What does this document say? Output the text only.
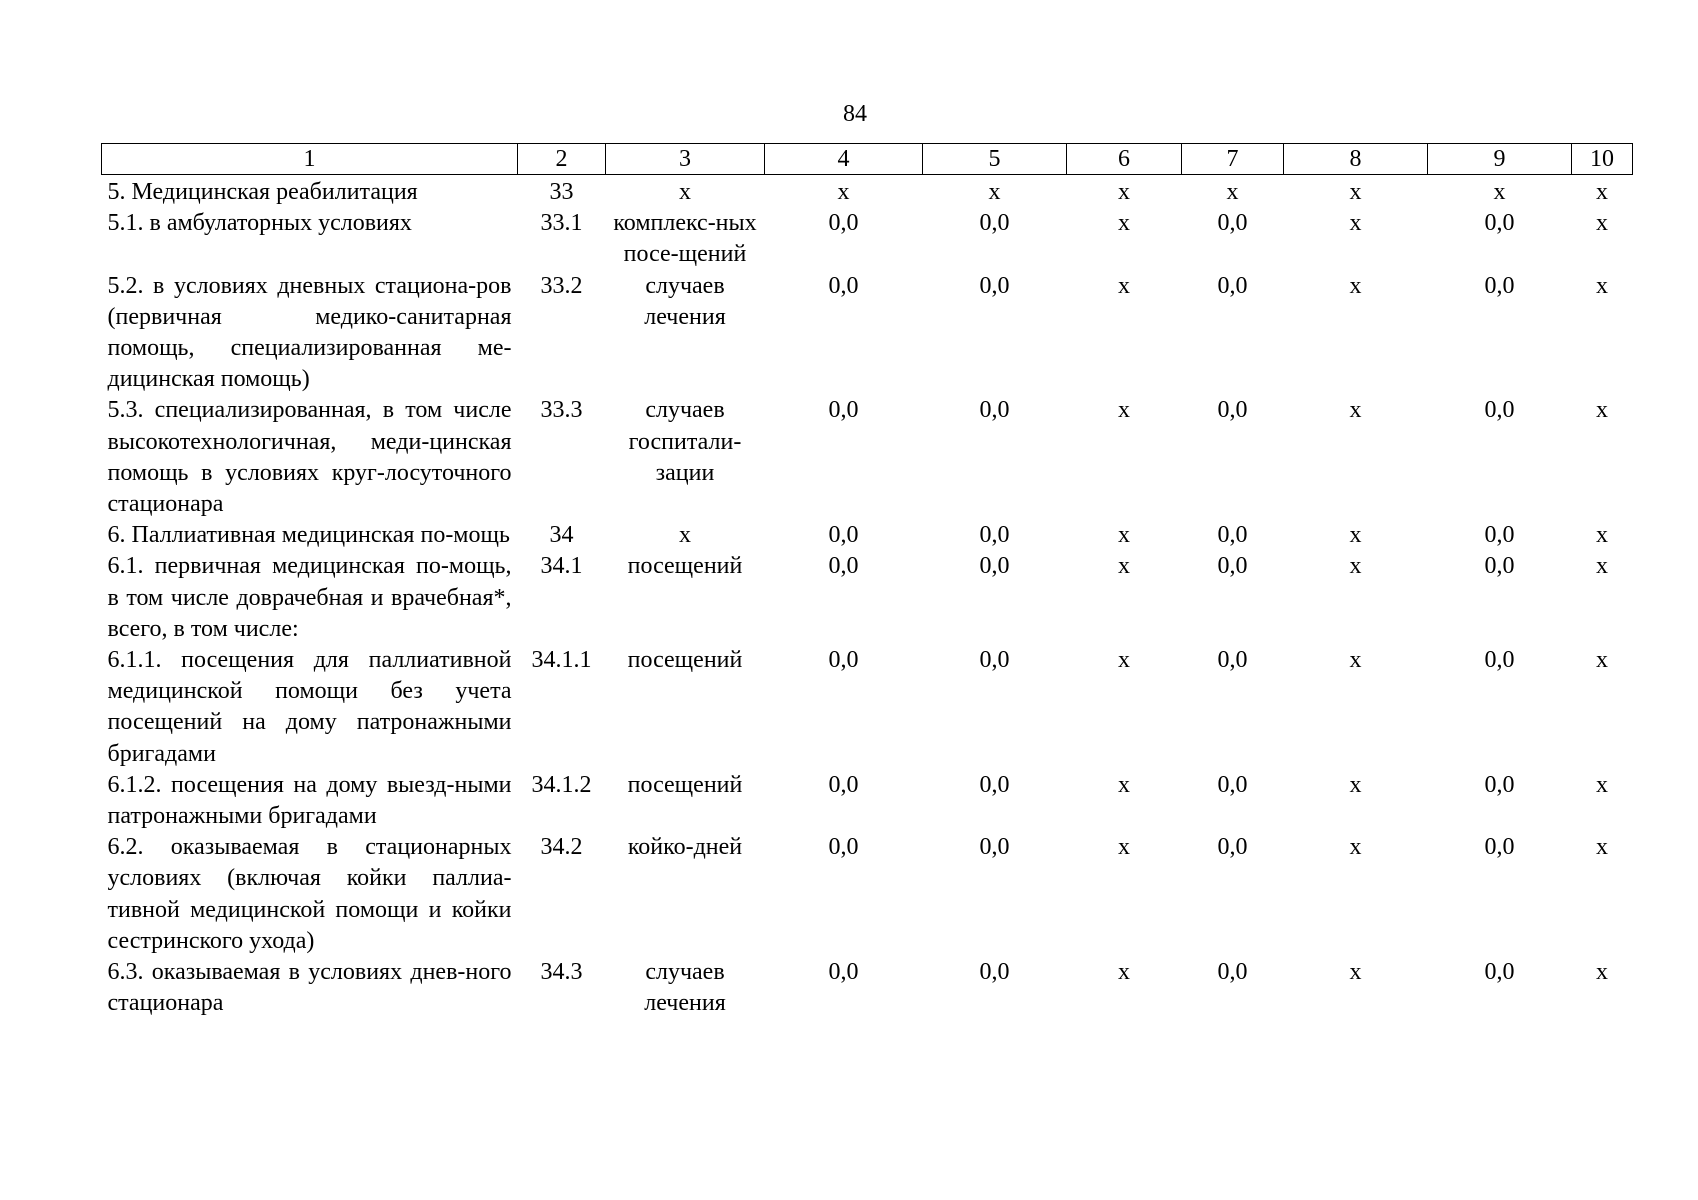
84
1	2	3	4	5	6	7	8	9	10
5. Медицинская реабилитация	33	х	х	х	х	х	х	х	х
5.1. в амбулаторных условиях	33.1	комплекс-ных посе-щений	0,0	0,0	х	0,0	х	0,0	х
5.2. в условиях дневных стациона-ров (первичная медико-санитарная помощь, специализированная ме-дицинская помощь)	33.2	случаев лечения	0,0	0,0	х	0,0	х	0,0	х
5.3. специализированная, в том числе высокотехнологичная, меди-цинская помощь в условиях круг-лосуточного стационара	33.3	случаев госпитали-зации	0,0	0,0	х	0,0	х	0,0	х
6. Паллиативная медицинская по-мощь	34	х	0,0	0,0	х	0,0	х	0,0	х
6.1. первичная медицинская по-мощь, в том числе доврачебная и врачебная*, всего, в том числе:	34.1	посещений	0,0	0,0	х	0,0	х	0,0	х
6.1.1. посещения для паллиативной медицинской помощи без учета посещений на дому патронажными бригадами	34.1.1	посещений	0,0	0,0	х	0,0	х	0,0	х
6.1.2. посещения на дому выезд-ными патронажными бригадами	34.1.2	посещений	0,0	0,0	х	0,0	х	0,0	х
6.2. оказываемая в стационарных условиях (включая койки паллиа-тивной медицинской помощи и койки сестринского ухода)	34.2	койко-дней	0,0	0,0	х	0,0	х	0,0	х
6.3. оказываемая в условиях днев-ного стационара	34.3	случаев лечения	0,0	0,0	х	0,0	х	0,0	х
